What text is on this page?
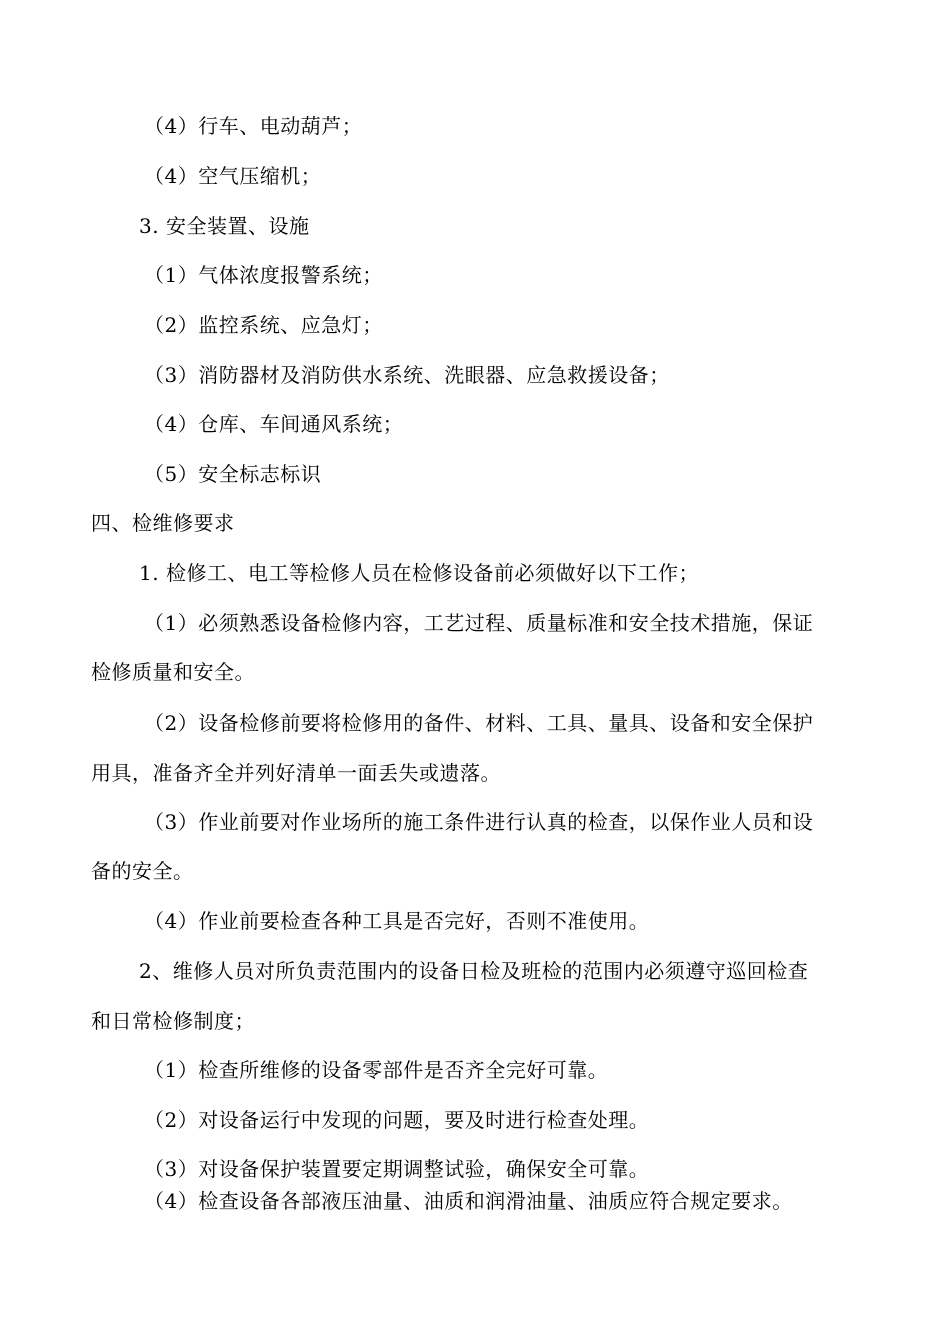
（4）行车、电动葫芦；
（4）空气压缩机；
3. 安全装置、设施
（1）气体浓度报警系统；
（2）监控系统、应急灯；
（3）消防器材及消防供水系统、洗眼器、应急救援设备；
（4）仓库、车间通风系统；
（5）安全标志标识
四、检维修要求
1. 检修工、电工等检修人员在检修设备前必须做好以下工作；
（1）必须熟悉设备检修内容，工艺过程、质量标准和安全技术措施，保证
检修质量和安全。
（2）设备检修前要将检修用的备件、材料、工具、量具、设备和安全保护
用具，准备齐全并列好清单一面丢失或遗落。
（3）作业前要对作业场所的施工条件进行认真的检查，以保作业人员和设
备的安全。
（4）作业前要检查各种工具是否完好，否则不准使用。
2、维修人员对所负责范围内的设备日检及班检的范围内必须遵守巡回检查
和日常检修制度；
（1）检查所维修的设备零部件是否齐全完好可靠。
（2）对设备运行中发现的问题，要及时进行检查处理。
（3）对设备保护装置要定期调整试验，确保安全可靠。
（4）检查设备各部液压油量、油质和润滑油量、油质应符合规定要求。
